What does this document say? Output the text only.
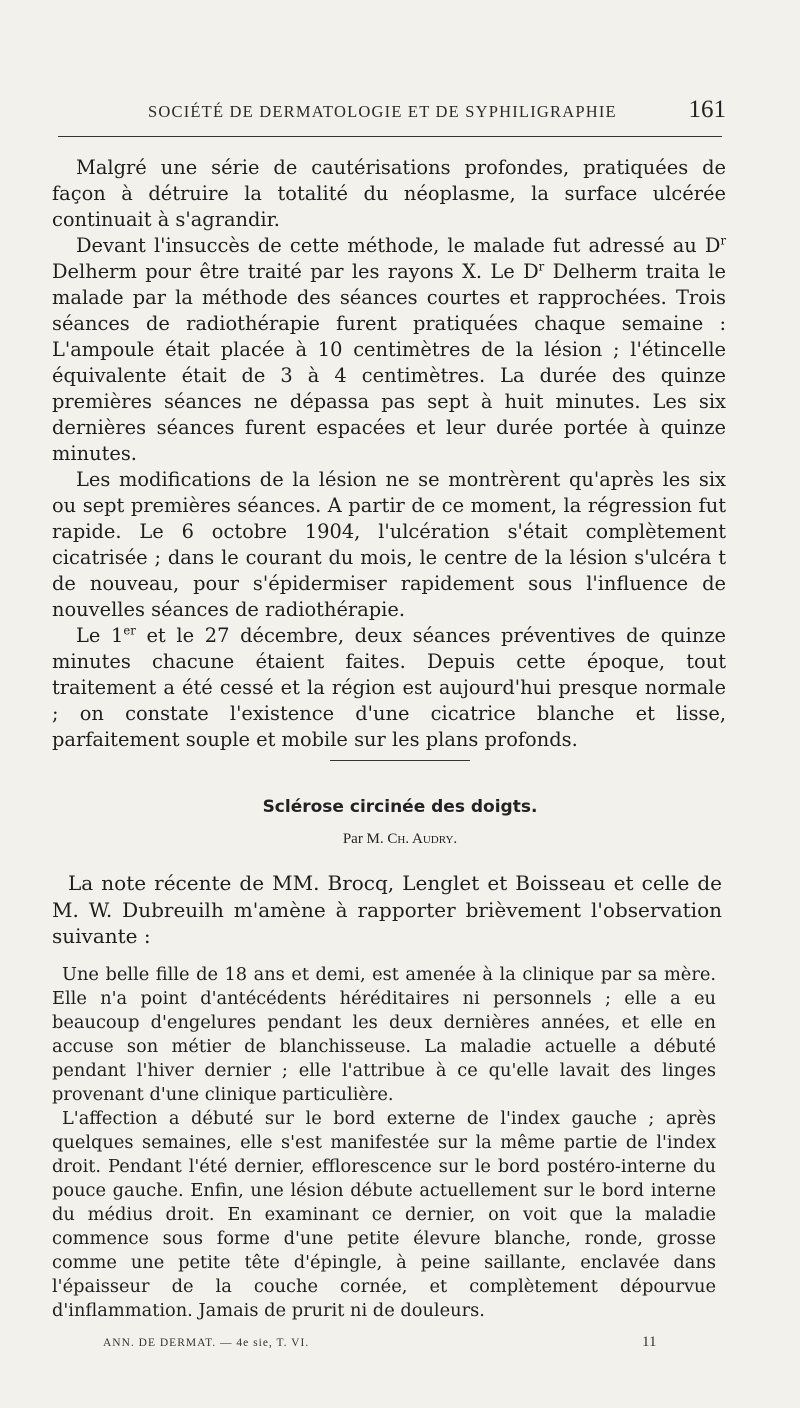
SOCIÉTÉ DE DERMATOLOGIE ET DE SYPHILIGRAPHIE	161

Malgré une série de cautérisations profondes, pratiquées de façon à détruire la totalité du néoplasme, la surface ulcérée continuait à s'agrandir.

Devant l'insuccès de cette méthode, le malade fut adressé au $D^r$ Delherm pour être traité par les rayons X. Le $D^r$ Delherm traita le malade par la méthode des séances courtes et rapprochées. Trois séances de radiothérapie furent pratiquées chaque semaine : L'ampoule était placée à 10 centimètres de la lésion ; l'étincelle équivalente était de 3 à 4 centimètres. La durée des quinze premières séances ne dépassa pas sept à huit minutes. Les six dernières séances furent espacées et leur durée portée à quinze minutes.

Les modifications de la lésion ne se montrèrent qu'après les six ou sept premières séances. A partir de ce moment, la régression fut rapide. Le 6 octobre 1904, l'ulcération s'était complètement cicatrisée ; dans le courant du mois, le centre de la lésion s'ulcéra t de nouveau, pour s'épidermiser rapidement sous l'influence de nouvelles séances de radiothérapie.

Le 1er et le 27 décembre, deux séances préventives de quinze minutes chacune étaient faites. Depuis cette époque, tout traitement a été cessé et la région est aujourd'hui presque normale ; on constate l'existence d'une cicatrice blanche et lisse, parfaitement souple et mobile sur les plans profonds.

Sclérose circinée des doigts.
Par M. Ch. Audry.

La note récente de MM. Brocq, Lenglet et Boisseau et celle de M. W. Dubreuilh m'amène à rapporter brièvement l'observation suivante :

Une belle fille de 18 ans et demi, est amenée à la clinique par sa mère. Elle n'a point d'antécédents héréditaires ni personnels ; elle a eu beaucoup d'engelures pendant les deux dernières années, et elle en accuse son métier de blanchisseuse. La maladie actuelle a débuté pendant l'hiver dernier ; elle l'attribue à ce qu'elle lavait des linges provenant d'une clinique particulière.

L'affection a débuté sur le bord externe de l'index gauche ; après quelques semaines, elle s'est manifestée sur la même partie de l'index droit. Pendant l'été dernier, efflorescence sur le bord postéro-interne du pouce gauche. Enfin, une lésion débute actuellement sur le bord interne du médius droit. En examinant ce dernier, on voit que la maladie commence sous forme d'une petite élevure blanche, ronde, grosse comme une petite tête d'épingle, à peine saillante, enclavée dans l'épaisseur de la couche cornée, et complètement dépourvue d'inflammation. Jamais de prurit ni de douleurs.

ANN. DE DERMAT. — 4e sie, T. VI.	11
